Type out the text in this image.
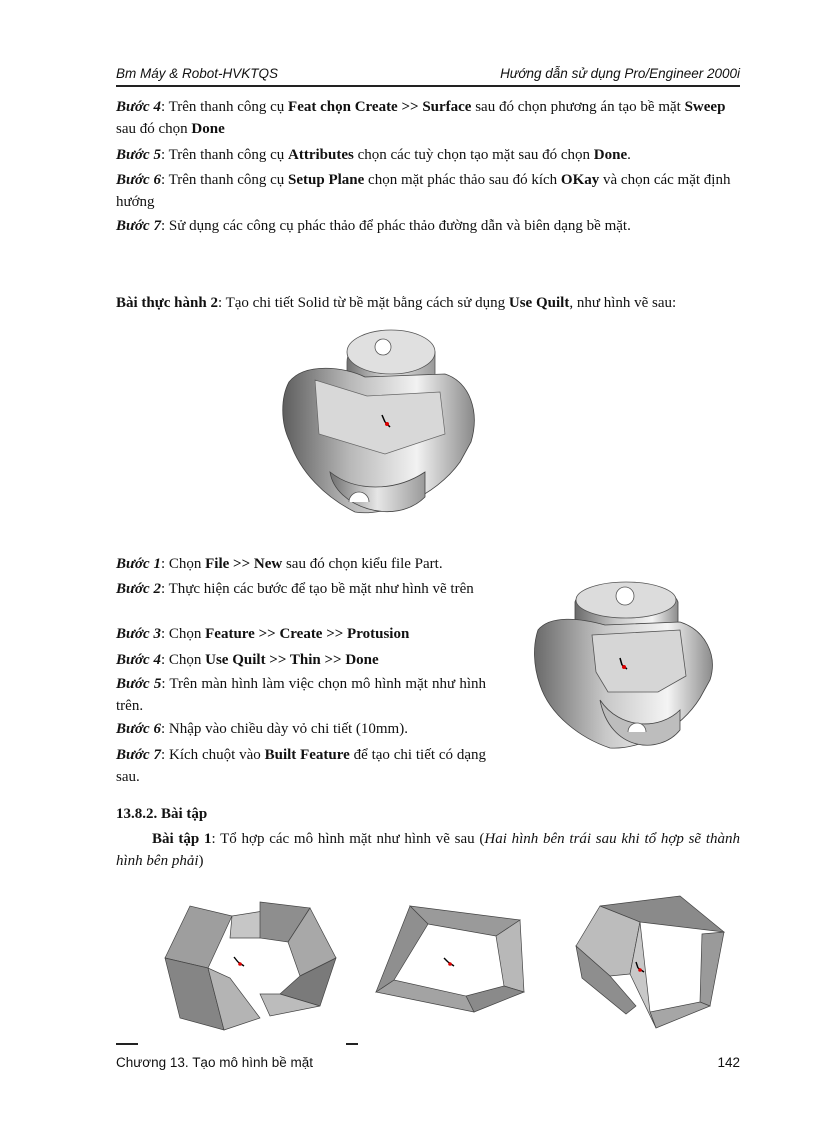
Bm Máy & Robot-HVKTQS	Hướng dẫn sử dụng Pro/Engineer 2000i
Bước 4: Trên thanh công cụ Feat chọn Create >> Surface sau đó chọn phương án tạo bề mặt Sweep sau đó chọn Done
Bước 5: Trên thanh công cụ Attributes chọn các tuỳ chọn tạo mặt sau đó chọn Done.
Bước 6: Trên thanh công cụ Setup Plane chọn mặt phác thảo sau đó kích OKay và chọn các mặt định hướng
Bước 7: Sử dụng các công cụ phác thảo để phác thảo đường dẫn và biên dạng bề mặt.
Bài thực hành 2: Tạo chi tiết Solid từ bề mặt bằng cách sử dụng Use Quilt, như hình vẽ sau:
Bước 1: Chọn File >> New sau đó chọn kiểu file Part.
Bước 2: Thực hiện các bước để tạo bề mặt như hình vẽ trên
Bước 3: Chọn Feature >> Create >> Protusion
Bước 4: Chọn Use Quilt >> Thin >> Done
Bước 5: Trên màn hình làm việc chọn mô hình mặt như hình trên.
Bước 6: Nhập vào chiều dày vỏ chi tiết (10mm).
Bước 7: Kích chuột vào Built Feature để tạo chi tiết có dạng sau.
13.8.2. Bài tập
Bài tập 1: Tổ hợp các mô hình mặt như hình vẽ sau (Hai hình bên trái sau khi tổ hợp sẽ thành hình bên phải)
Chương 13. Tạo mô hình bề mặt	142
